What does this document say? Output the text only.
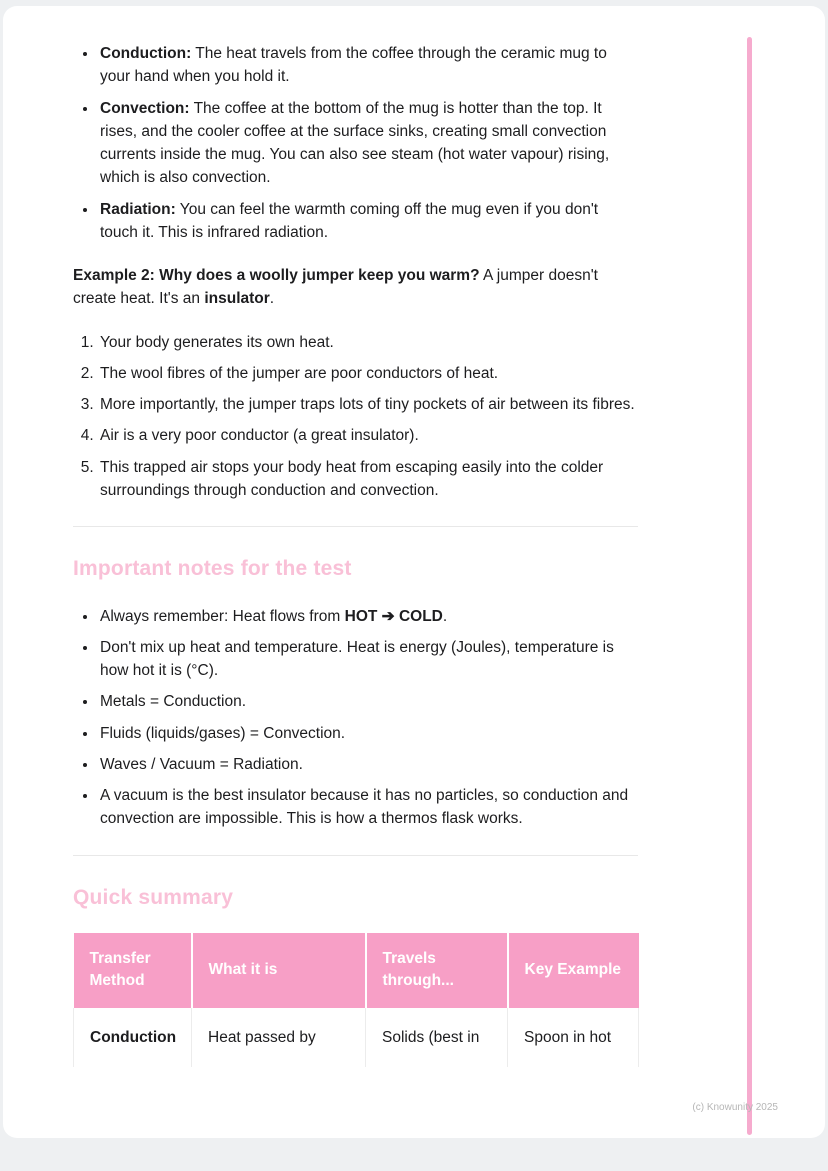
• Conduction: The heat travels from the coffee through the ceramic mug to your hand when you hold it.
• Convection: The coffee at the bottom of the mug is hotter than the top. It rises, and the cooler coffee at the surface sinks, creating small convection currents inside the mug. You can also see steam (hot water vapour) rising, which is also convection.
• Radiation: You can feel the warmth coming off the mug even if you don't touch it. This is infrared radiation.

Example 2: Why does a woolly jumper keep you warm? A jumper doesn't create heat. It's an insulator.

1. Your body generates its own heat.
2. The wool fibres of the jumper are poor conductors of heat.
3. More importantly, the jumper traps lots of tiny pockets of air between its fibres.
4. Air is a very poor conductor (a great insulator).
5. This trapped air stops your body heat from escaping easily into the colder surroundings through conduction and convection.
Important notes for the test
• Always remember: Heat flows from HOT ➔ COLD.
• Don't mix up heat and temperature. Heat is energy (Joules), temperature is how hot it is (°C).
• Metals = Conduction.
• Fluids (liquids/gases) = Convection.
• Waves / Vacuum = Radiation.
• A vacuum is the best insulator because it has no particles, so conduction and convection are impossible. This is how a thermos flask works.
Quick summary
Transfer Method	What it is	Travels through...	Key Example
Conduction	Heat passed by	Solids (best in	Spoon in hot
(c) Knowunity 2025
